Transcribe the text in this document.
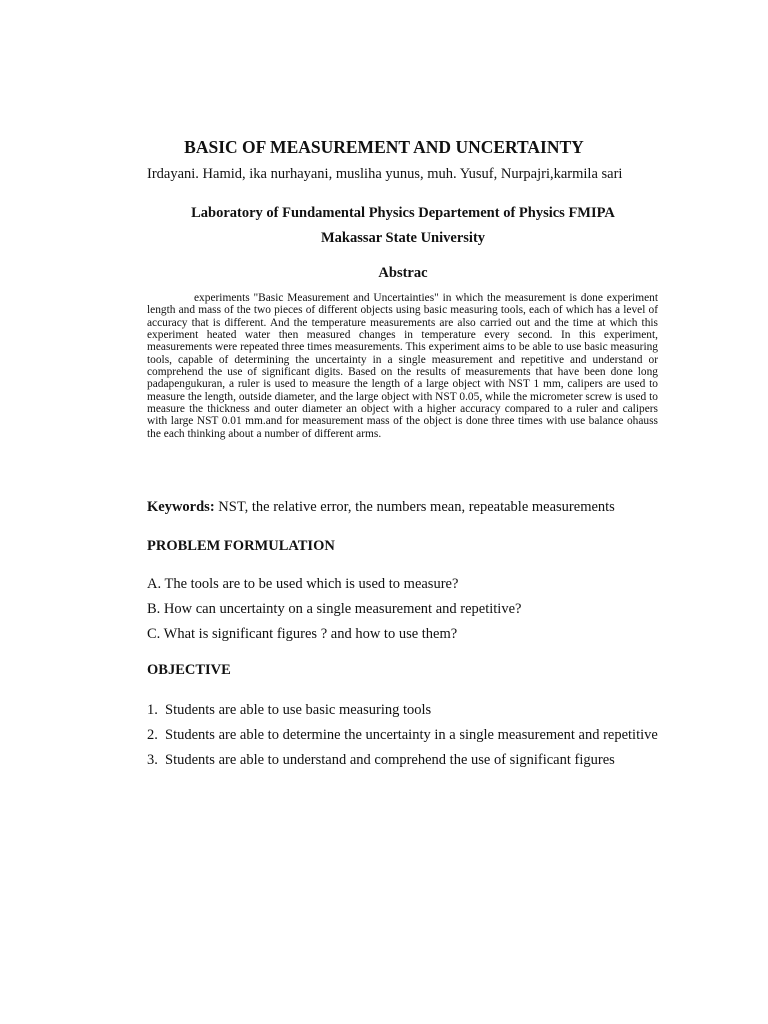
BASIC OF MEASUREMENT AND UNCERTAINTY

Irdayani. Hamid, ika nurhayani, musliha yunus, muh. Yusuf, Nurpajri,karmila sari

Laboratory of Fundamental Physics Departement of Physics FMIPA

Makassar State University

Abstrac

experiments "Basic Measurement and Uncertainties" in which the measurement is done experiment length and mass of the two pieces of different objects using basic measuring tools, each of which has a level of accuracy that is different. And the temperature measurements are also carried out and the time at which this experiment heated water then measured changes in temperature every second. In this experiment, measurements were repeated three times measurements. This experiment aims to be able to use basic measuring tools, capable of determining the uncertainty in a single measurement and repetitive and understand or comprehend the use of significant digits. Based on the results of measurements that have been done long padapengukuran, a ruler is used to measure the length of a large object with NST 1 mm, calipers are used to measure the length, outside diameter, and the large object with NST 0.05, while the micrometer screw is used to measure the thickness and outer diameter an object with a higher accuracy compared to a ruler and calipers with large NST 0.01 mm.and for measurement mass of the object is done three times with use balance ohauss the each thinking about a number of different arms.

Keywords: NST, the relative error, the numbers mean, repeatable measurements

PROBLEM FORMULATION

A. The tools are to be used which is used to measure?
B. How can uncertainty on a single measurement and repetitive?
C. What is significant figures ? and how to use them?

OBJECTIVE

1. Students are able to use basic measuring tools
2. Students are able to determine the uncertainty in a single measurement and repetitive
3. Students are able to understand and comprehend the use of significant figures
